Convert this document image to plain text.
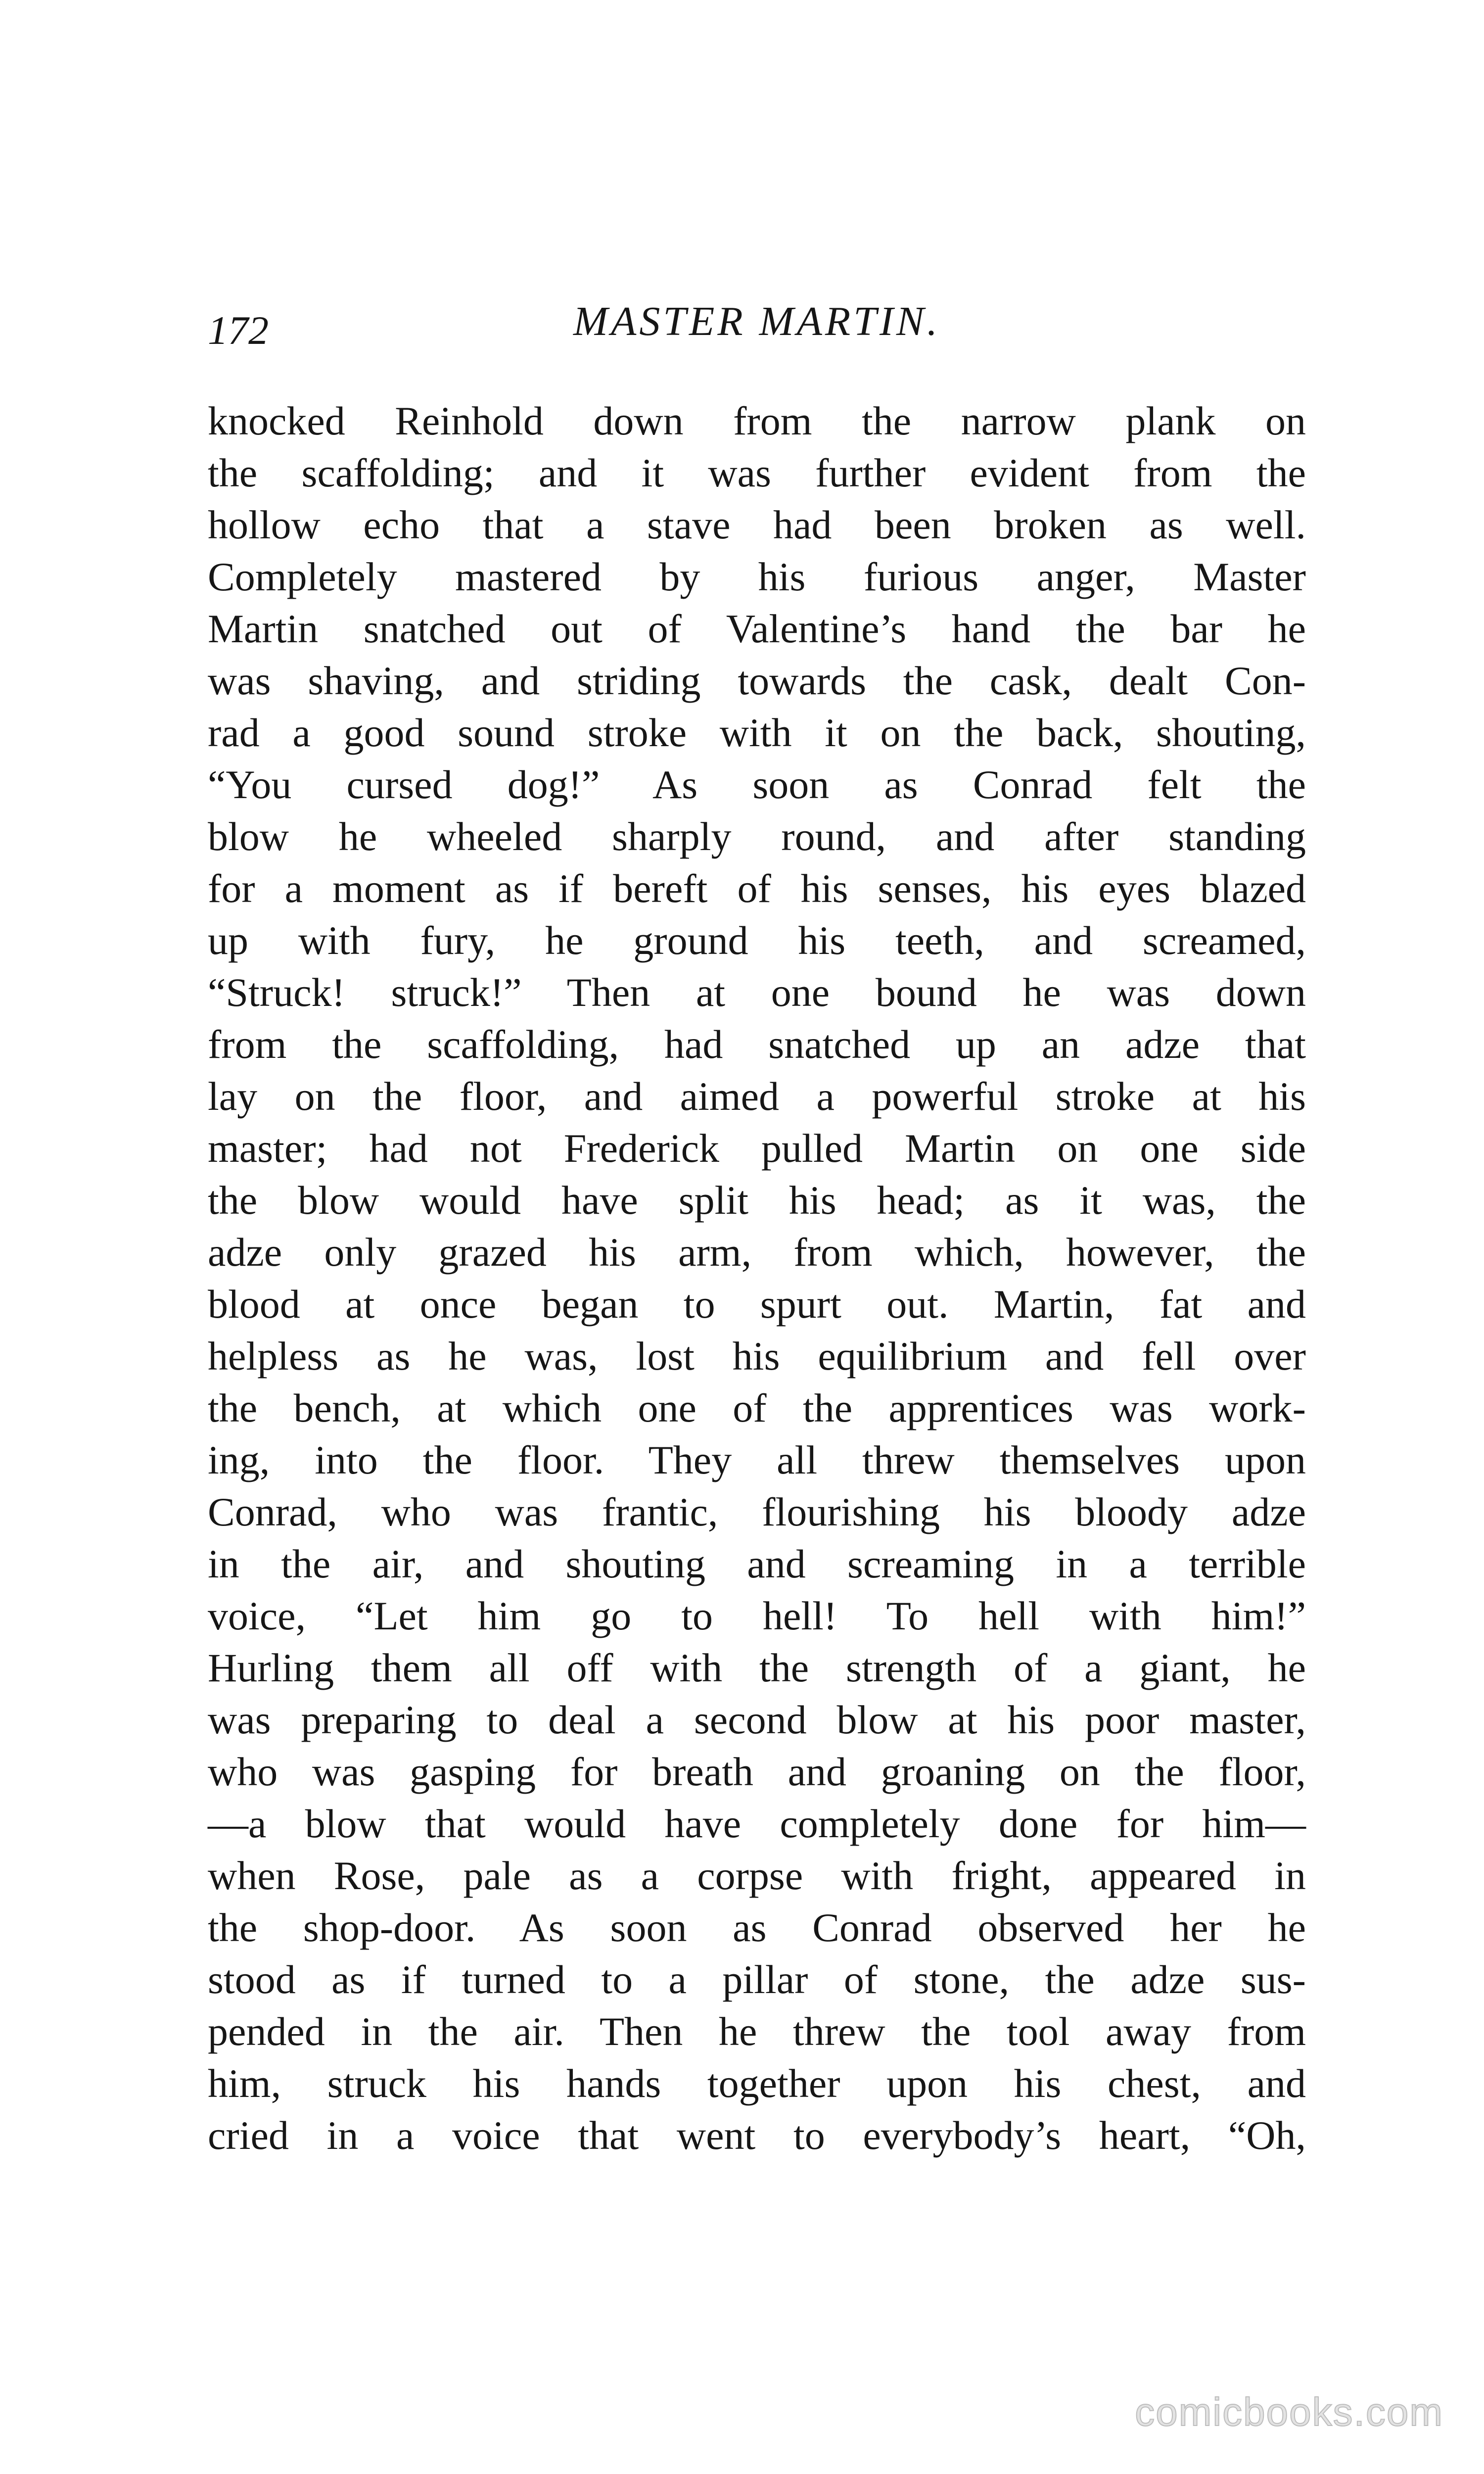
172	MASTER MARTIN.
knocked Reinhold down from the narrow plank on
the scaffolding; and it was further evident from the
hollow echo that a stave had been broken as well.
Completely mastered by his furious anger, Master
Martin snatched out of Valentine’s hand the bar he
was shaving, and striding towards the cask, dealt Con-
rad a good sound stroke with it on the back, shouting,
“You cursed dog!” As soon as Conrad felt the
blow he wheeled sharply round, and after standing
for a moment as if bereft of his senses, his eyes blazed
up with fury, he ground his teeth, and screamed,
“Struck! struck!” Then at one bound he was down
from the scaffolding, had snatched up an adze that
lay on the floor, and aimed a powerful stroke at his
master; had not Frederick pulled Martin on one side
the blow would have split his head; as it was, the
adze only grazed his arm, from which, however, the
blood at once began to spurt out. Martin, fat and
helpless as he was, lost his equilibrium and fell over
the bench, at which one of the apprentices was work-
ing, into the floor. They all threw themselves upon
Conrad, who was frantic, flourishing his bloody adze
in the air, and shouting and screaming in a terrible
voice, “Let him go to hell! To hell with him!”
Hurling them all off with the strength of a giant, he
was preparing to deal a second blow at his poor master,
who was gasping for breath and groaning on the floor,
—a blow that would have completely done for him—
when Rose, pale as a corpse with fright, appeared in
the shop-door. As soon as Conrad observed her he
stood as if turned to a pillar of stone, the adze sus-
pended in the air. Then he threw the tool away from
him, struck his hands together upon his chest, and
cried in a voice that went to everybody’s heart, “Oh,
comicbooks.com
